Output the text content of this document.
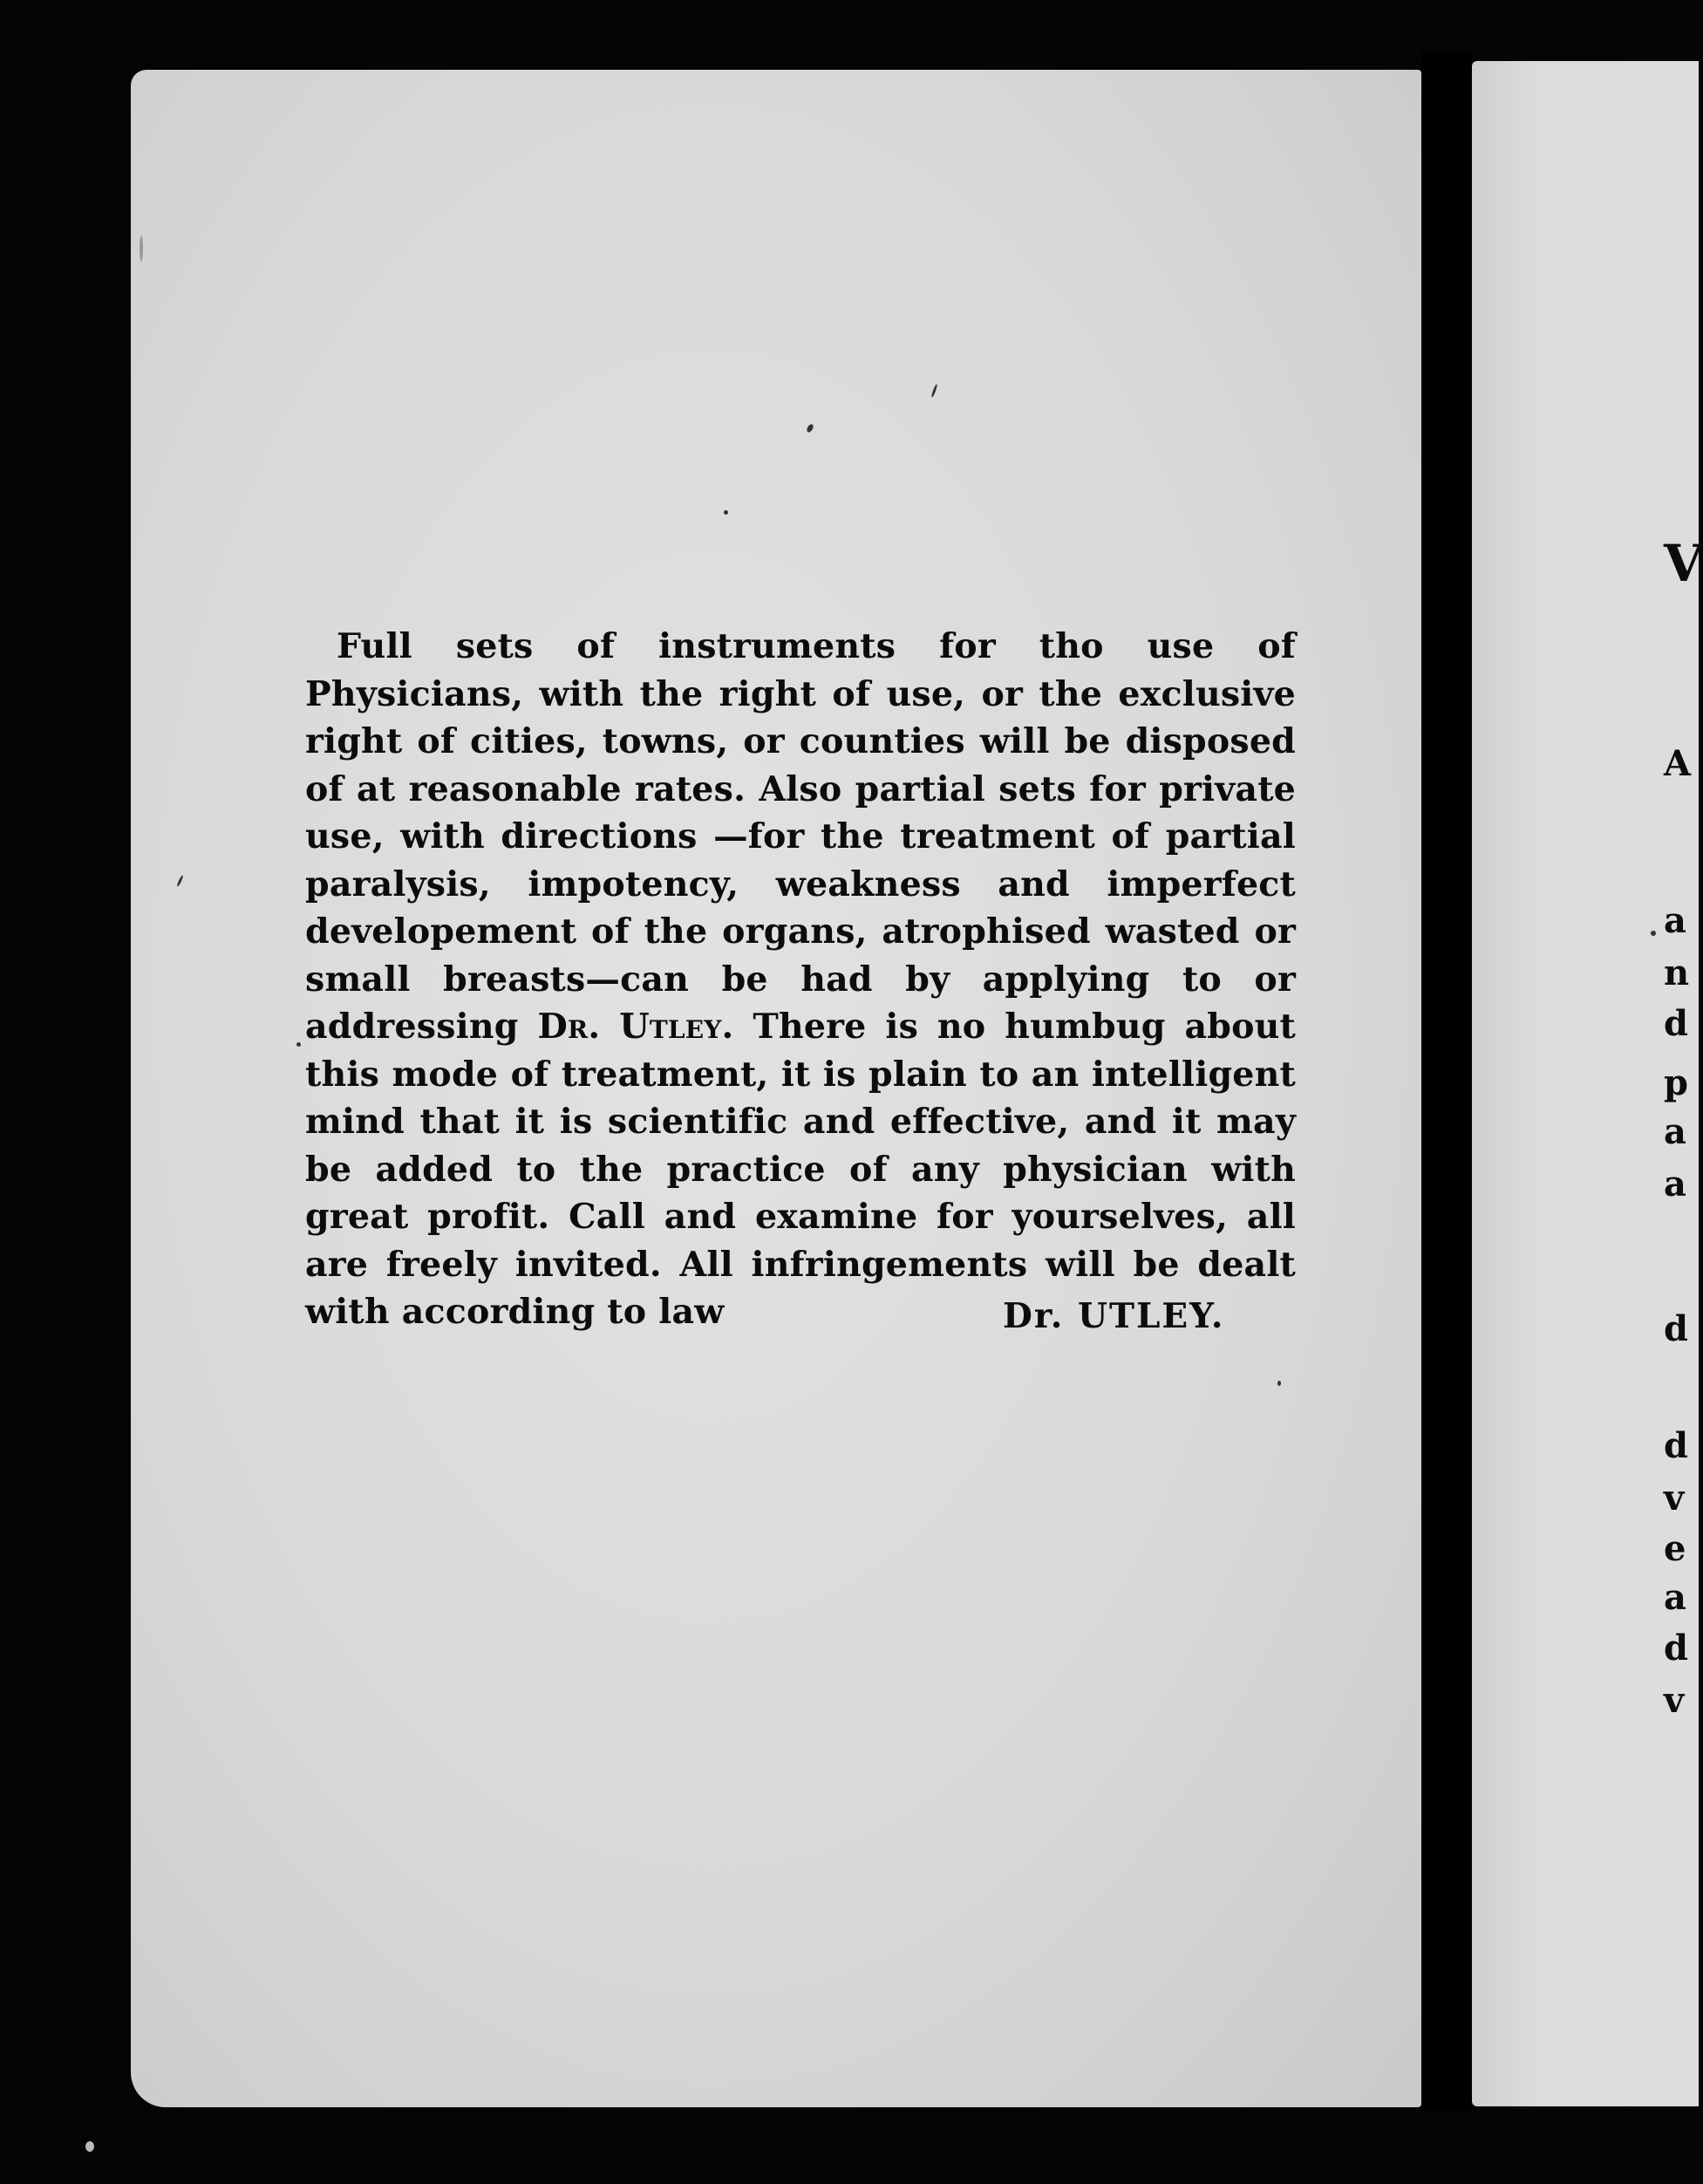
Full sets of instruments for tho use of Physicians, with the right of use, or the exclusive right of cities, towns, or counties will be disposed of at reasonable rates. Also partial sets for private use, with directions —for the treatment of partial paralysis, impotency, weakness and imperfect developement of the organs, atrophised wasted or small breasts—can be had by applying to or addressing Dr. Utley. There is no humbug about this mode of treatment, it is plain to an intelligent mind that it is scientific and effective, and it may be added to the practice of any physician with great profit. Call and examine for yourselves, all are freely invited. All infringements will be dealt with according to law	Dr. UTLEY.
V
A
a
n
d
p
a
a
d
d
v
e
a
d
v
